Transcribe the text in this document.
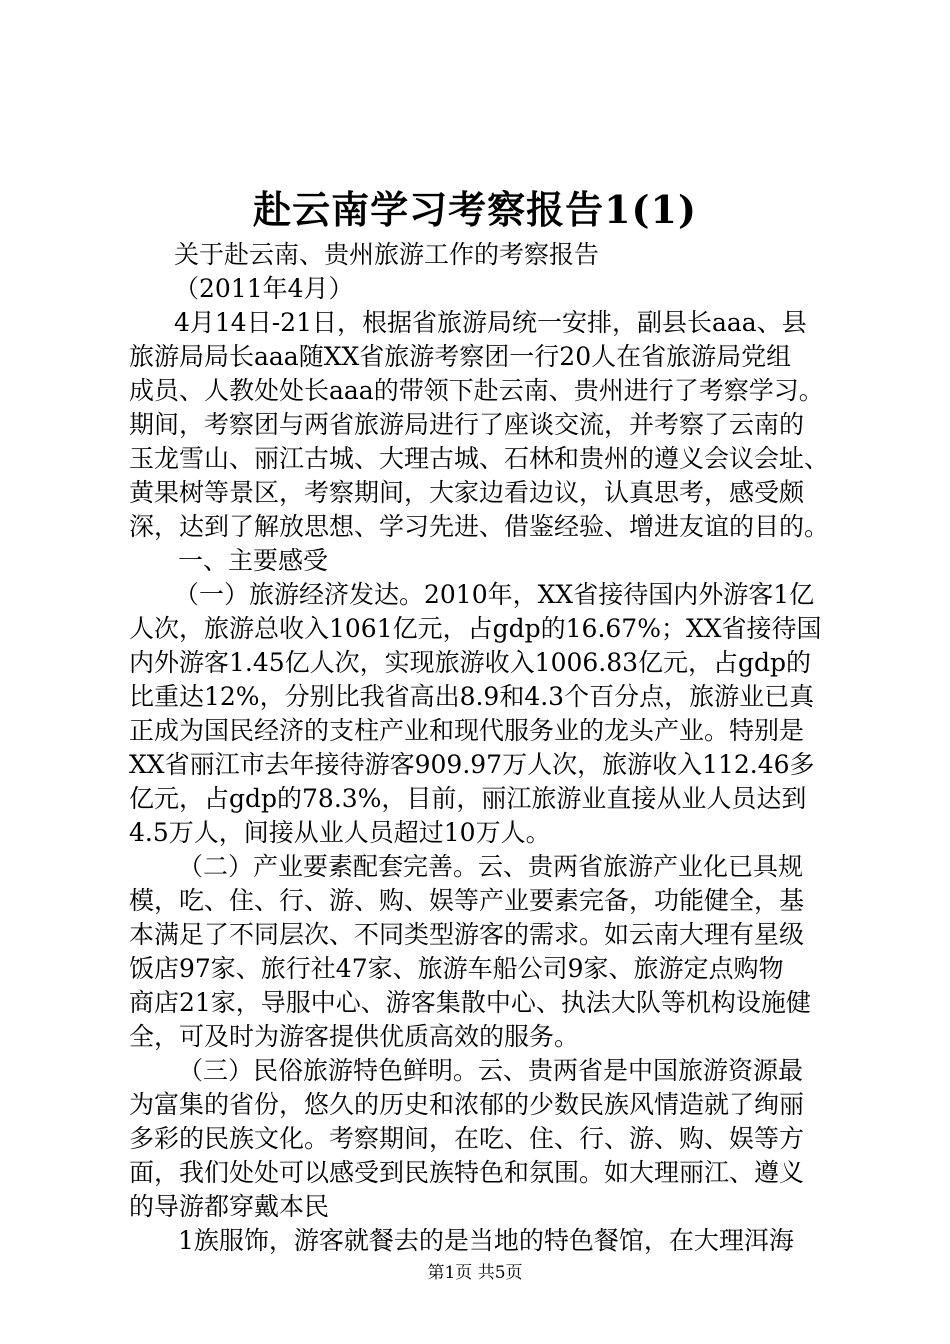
赴云南学习考察报告1(1)
关于赴云南、贵州旅游工作的考察报告
（2011年4月）
4月14日-21日，根据省旅游局统一安排，副县长aaa、县
旅游局局长aaa随XX省旅游考察团一行20人在省旅游局党组
成员、人教处处长aaa的带领下赴云南、贵州进行了考察学习。
期间，考察团与两省旅游局进行了座谈交流，并考察了云南的
玉龙雪山、丽江古城、大理古城、石林和贵州的遵义会议会址、
黄果树等景区，考察期间，大家边看边议，认真思考，感受颇
深，达到了解放思想、学习先进、借鉴经验、增进友谊的目的。
一、主要感受
（一）旅游经济发达。2010年，XX省接待国内外游客1亿
人次，旅游总收入1061亿元，占gdp的16.67%；XX省接待国
内外游客1.45亿人次，实现旅游收入1006.83亿元，占gdp的
比重达12%，分别比我省高出8.9和4.3个百分点，旅游业已真
正成为国民经济的支柱产业和现代服务业的龙头产业。特别是
XX省丽江市去年接待游客909.97万人次，旅游收入112.46多
亿元，占gdp的78.3%，目前，丽江旅游业直接从业人员达到
4.5万人，间接从业人员超过10万人。
（二）产业要素配套完善。云、贵两省旅游产业化已具规
模，吃、住、行、游、购、娱等产业要素完备，功能健全，基
本满足了不同层次、不同类型游客的需求。如云南大理有星级
饭店97家、旅行社47家、旅游车船公司9家、旅游定点购物
商店21家，导服中心、游客集散中心、执法大队等机构设施健
全，可及时为游客提供优质高效的服务。
（三）民俗旅游特色鲜明。云、贵两省是中国旅游资源最
为富集的省份，悠久的历史和浓郁的少数民族风情造就了绚丽
多彩的民族文化。考察期间，在吃、住、行、游、购、娱等方
面，我们处处可以感受到民族特色和氛围。如大理丽江、遵义
的导游都穿戴本民
1族服饰，游客就餐去的是当地的特色餐馆，在大理洱海
第1页 共5页
